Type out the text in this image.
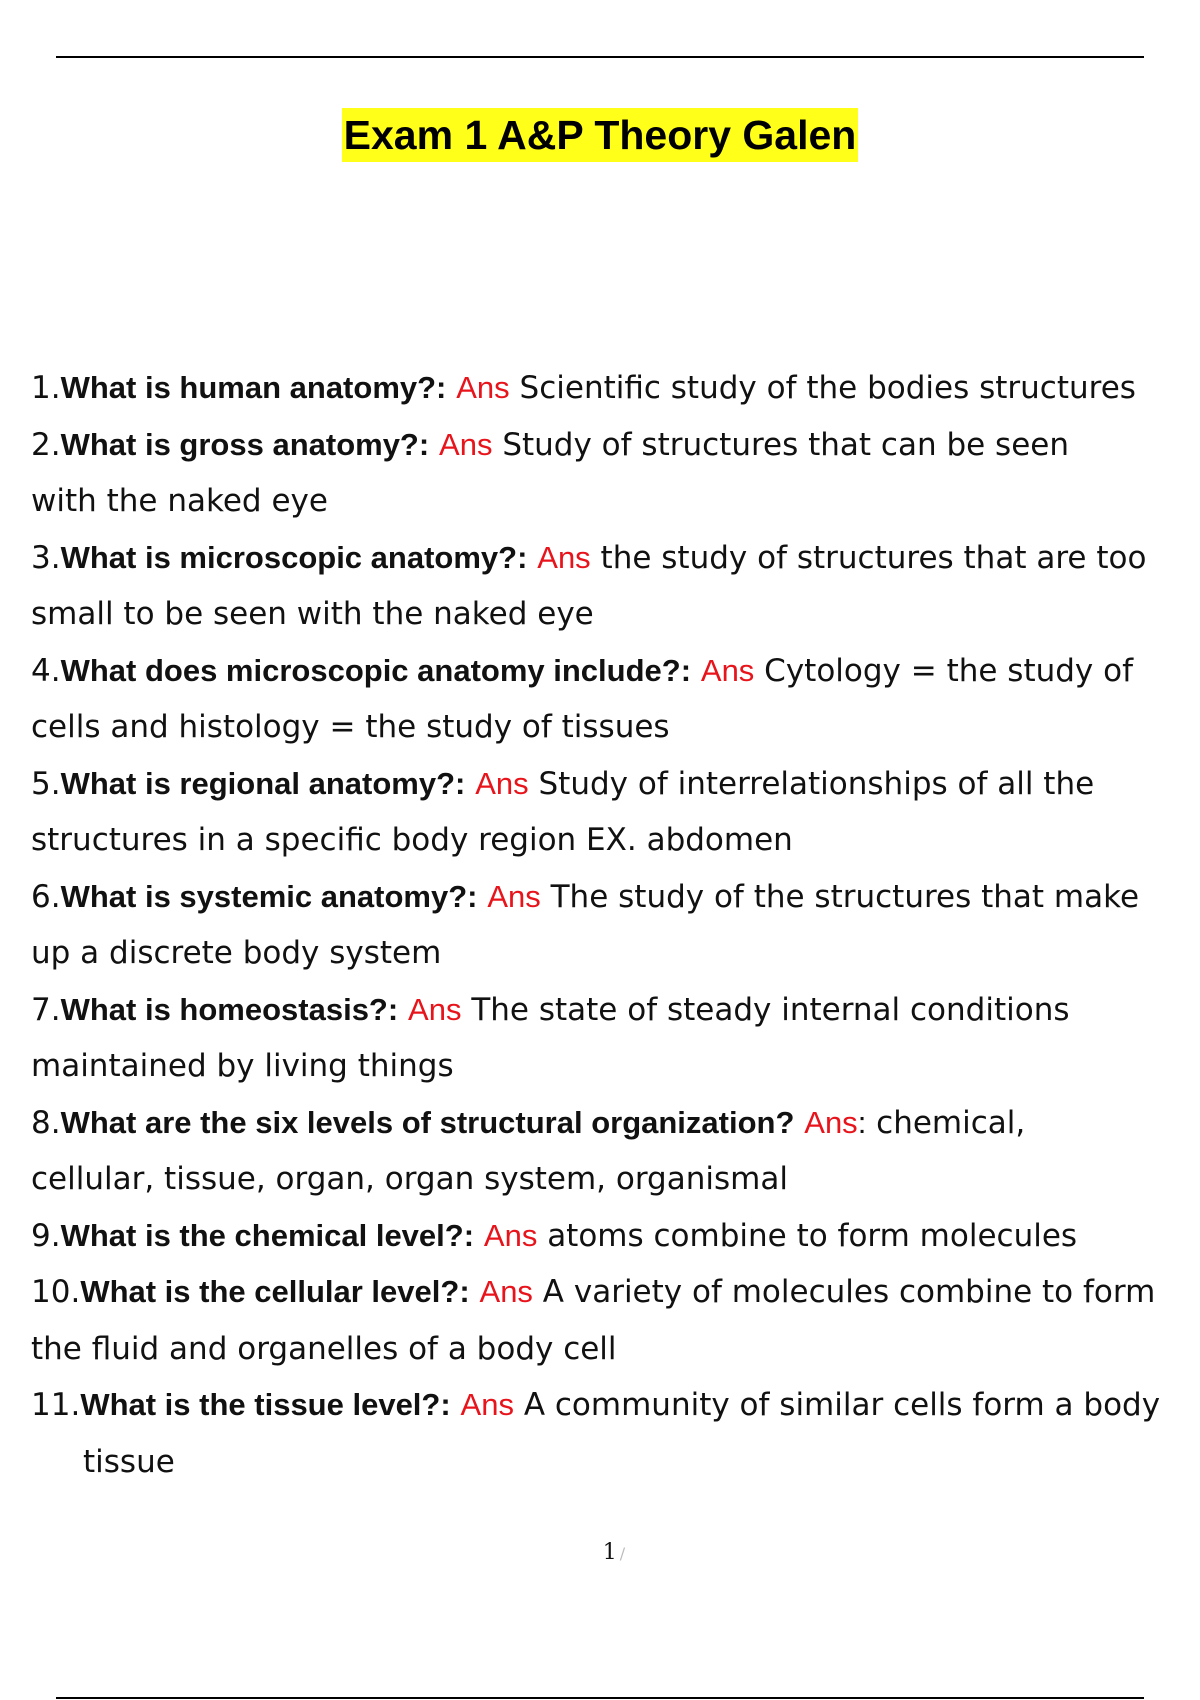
Exam 1 A&P Theory Galen
1.What is human anatomy?: Ans Scientific study of the bodies structures
2.What is gross anatomy?: Ans Study of structures that can be seen
with the naked eye
3.What is microscopic anatomy?: Ans the study of structures that are too
small to be seen with the naked eye
4.What does microscopic anatomy include?: Ans Cytology = the study of
cells and histology = the study of tissues
5.What is regional anatomy?: Ans Study of interrelationships of all the
structures in a specific body region EX. abdomen
6.What is systemic anatomy?: Ans The study of the structures that make
up a discrete body system
7.What is homeostasis?: Ans The state of steady internal conditions
maintained by living things
8.What are the six levels of structural organization? Ans: chemical,
cellular, tissue, organ, organ system, organismal
9.What is the chemical level?: Ans atoms combine to form molecules
10.What is the cellular level?: Ans A variety of molecules combine to form
the fluid and organelles of a body cell
11.What is the tissue level?: Ans A community of similar cells form a body
tissue
1 /
